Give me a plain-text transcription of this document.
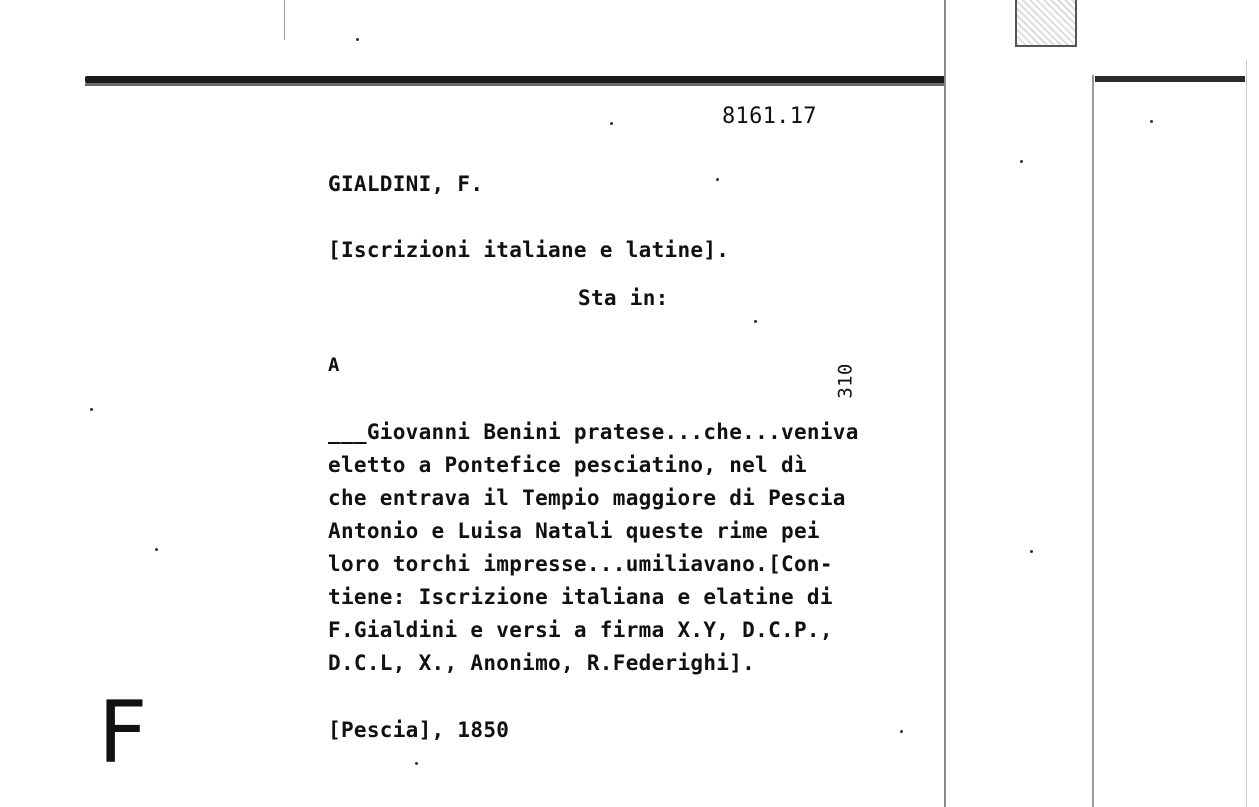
8161.17
GIALDINI, F.
[Iscrizioni italiane e latine].
Sta in:
A	310
___Giovanni Benini pratese...che...veniva
eletto a Pontefice pesciatino, nel dì
che entrava il Tempio maggiore di Pescia
Antonio e Luisa Natali queste rime pei
loro torchi impresse...umiliavano.[Con-
tiene: Iscrizione italiana e elatine di
F.Gialdini e versi a firma X.Y, D.C.P.,
D.C.L, X., Anonimo, R.Federighi].
[Pescia], 1850
F
